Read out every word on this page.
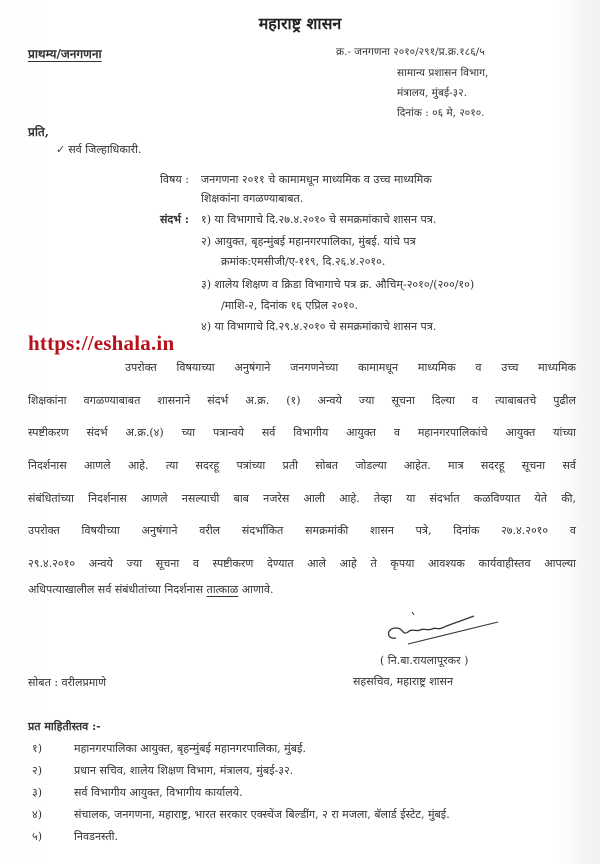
महाराष्ट्र शासन
प्राथम्य/जनगणना	क्र.- जनगणना २०१०/२९१/प्र.क्र.१८६/५
सामान्य प्रशासन विभाग,
मंत्रालय, मुंबई-३२.
दिनांक : ०६ मे, २०१०.
प्रति,
✓ सर्व जिल्हाधिकारी.
विषय : जनगणना २०११ चे कामामधून माध्यमिक व उच्च माध्यमिक
शिक्षकांना वगळण्याबाबत.
संदर्भ : १) या विभागाचे दि.२७.४.२०१० चे समक्रमांकाचे शासन पत्र.
२) आयुक्त, बृहन्मुंबई महानगरपालिका, मुंबई. यांचे पत्र
क्रमांक:एमसीजी/ए-११९, दि.२६.४.२०१०.
३) शालेय शिक्षण व क्रिडा विभागाचे पत्र क्र. औचिम्-२०१०/(२००/१०)
/माशि-२, दिनांक १६ एप्रिल २०१०.
४) या विभागाचे दि.२९.४.२०१० चे समक्रमांकाचे शासन पत्र.
https://eshala.in
उपरोक्त विषयाच्या अनुषंगाने जनगणनेच्या कामामधून माध्यमिक व उच्च माध्यमिक
शिक्षकांना वगळण्याबाबत शासनाने संदर्भ अ.क्र. (१) अन्वये ज्या सूचना दिल्या व त्याबाबतचे पुढील
स्पष्टीकरण संदर्भ अ.क्र.(४) च्या पत्रान्वये सर्व विभागीय आयुक्त व महानगरपालिकांचे आयुक्त यांच्या
निदर्शनास आणले आहे. त्या सदरहू पत्रांच्या प्रती सोबत जोडल्या आहेत. मात्र सदरहू सूचना सर्व
संबंधितांच्या निदर्शनास आणले नसल्याची बाब नजरेस आली आहे. तेव्हा या संदर्भात कळविण्यात येते की,
उपरोक्त विषयीच्या अनुषंगाने वरील संदर्भांकित समक्रमांकी शासन पत्रे, दिनांक २७.४.२०१० व
२९.४.२०१० अन्वये ज्या सूचना व स्पष्टीकरण देण्यात आले आहे ते कृपया आवश्यक कार्यवाहीस्तव आपल्या
अधिपत्याखालील सर्व संबंधीतांच्या निदर्शनास तात्काळ आणावे.
( नि.बा.रायलापूरकर )
सहसचिव, महाराष्ट्र शासन
सोबत : वरीलप्रमाणे
प्रत माहितीस्तव :-
१)	महानगरपालिका आयुक्त, बृहन्मुंबई महानगरपालिका, मुंबई.
२)	प्रधान सचिव, शालेय शिक्षण विभाग, मंत्रालय, मुंबई-३२.
३)	सर्व विभागीय आयुक्त, विभागीय कार्यालये.
४)	संचालक, जनगणना, महाराष्ट्र, भारत सरकार एक्स्चेंज बिल्डींग, २ रा मजला, बॅलार्ड ईस्टेट, मुंबई.
५)	निवडनस्ती.
